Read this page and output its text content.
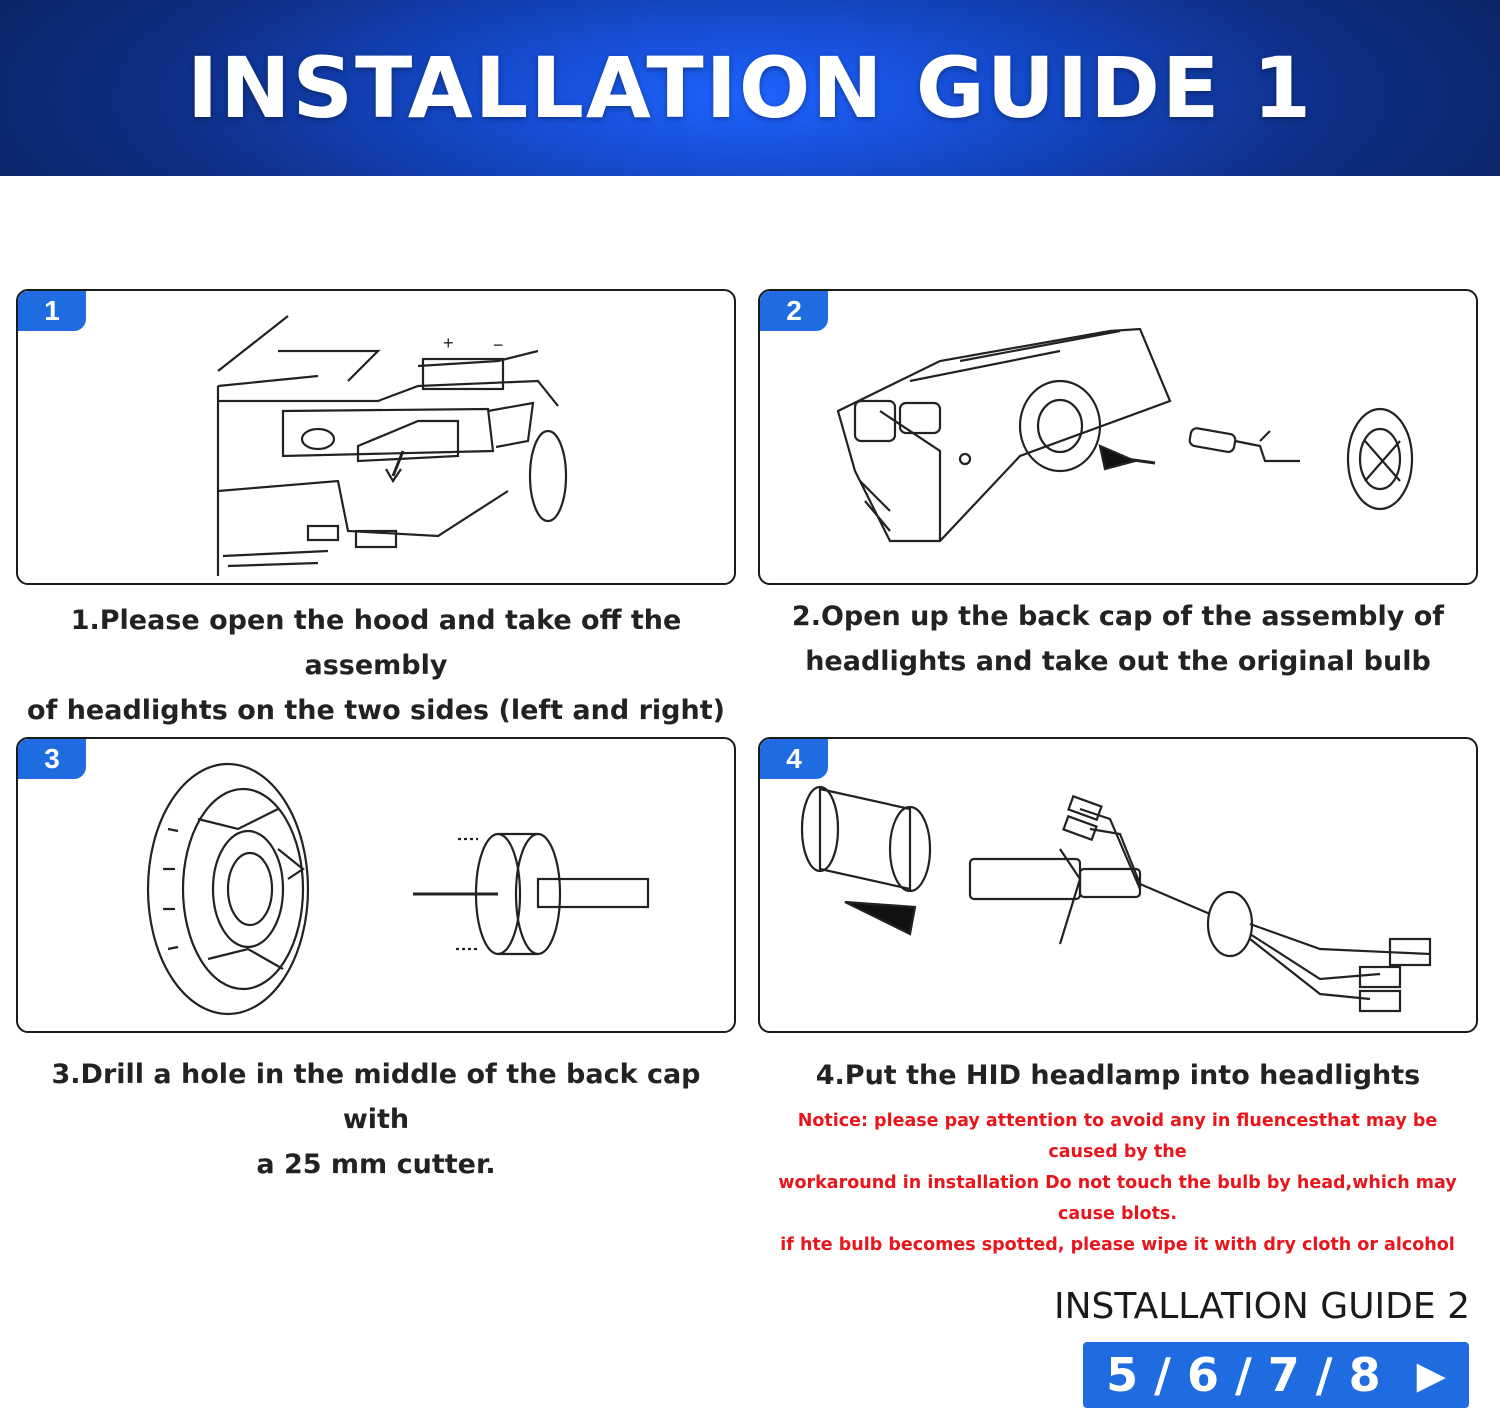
INSTALLATION GUIDE 1
1
+ −
1.Please open the hood and take off the assembly
of headlights on the two sides (left and right)
2
2.Open up the back cap of the assembly of
headlights and take out the original bulb
3
3.Drill a hole in the middle of the back cap with
a 25 mm cutter.
4
4.Put the HID headlamp into headlights
Notice: please pay attention to avoid any in fluencesthat may be caused by the
workaround in installation Do not touch the bulb by head,which may cause blots.
if hte bulb becomes spotted, please wipe it with dry cloth or alcohol
INSTALLATION GUIDE 2
5 / 6 / 7 / 8 ▶
